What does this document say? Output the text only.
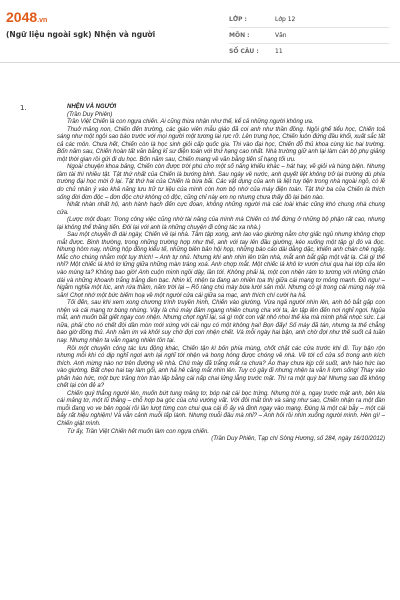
2048.vn
(Ngữ liệu ngoài sgk) Nhện và người
LỚP :	Lớp 12
MÔN :	Văn
SỐ CÂU :	11
1.	NHỆN VÀ NGƯỜI

(Trần Duy Phiên)

Trần Việt Chiến là con ngựa chiến. Ai cũng thừa nhận như thế, kể cả những người không ưa.

Thuở măng non, Chiến đến trường, các giáo viên mẫu giáo đã coi anh như thần đồng. Ngồi ghế tiểu học, Chiến toả sáng như một ngôi sao báo trước với mọi người một tương lai rực rỡ. Lên trung học, Chiến luôn đứng đầu khối, xuất sắc tất cả các môn. Chưa hết, Chiến còn là học sinh giỏi cấp quốc gia. Thi vào đại học, Chiến đỗ thủ khoa cùng lúc hai trường. Bốn năm sau, Chiến hoàn tất văn bằng kĩ sư điện toán với thứ hạng cao nhất. Nhà trường giữ anh lại làm cán bộ phụ giảng một thời gian rồi gửi đi du học. Bốn năm sau, Chiến mang về văn bằng tiến sĩ hạng tối ưu.

Ngoài chuyện khoa bảng, Chiến còn được trời phú cho một số năng khiếu khác – hát hay, vẽ giỏi và hùng biện. Nhưng tầm tài thì nhiều tật. Tật thứ nhất của Chiến là bướng bỉnh. Sau ngày về nước, anh quyết liệt không trở lại trường dù phía trường đại học mời ở lại. Tật thứ hai của Chiến là bừa bãi. Các vật dụng của anh là liệt tuy tiện trong nhà ngoài ngõ, có lẽ do chủ nhân ỷ vào khả năng lưu trữ tư liệu của mình còn hơn bộ nhớ của máy điện toán. Tật thứ ba của Chiến là thích sống đời đơn độc – đơn độc chứ không cô độc, cũng chỉ này em nọ nhưng chưa thấy đồ lại bén nào.

Nhất nhàn nhất hộ, anh hành hạch đến cực đoan, không những người mà các loài khác cũng khó chung nhà chung cửa.

(Lược một đoạn: Trong công việc cũng nhờ tài năng của mình mà Chiến có thể đứng ở những bộ phận rất cao, nhưng lại không thể thăng tiến. Đôi lại với anh là những chuyện đi công tác xa nhà.)

Sau một chuyến đi dài ngày, Chiến về lại nhà. Tâm tập xong, anh lao vào giường nằm chợ giấc ngủ nhưng không chợp mắt được. Bình thường, trong những trường hợp như thế, anh với tay lên đầu giường, kéo xuống một tập gì đó và đọc. Nhưng hôm nay, những hộp đồng kiểu tế, những biên bản hội họp, những báo cáo dài dằng dặc, khiến anh chán chê ngấy. Mắc cho chúng nhằm một tụy thích! – Anh tự nhủ. Nhưng khi anh nhìn lên trần nhà, mắt anh bắt gặp một vật lạ. Cái gì thế nhỉ? Một chiếc lá khô lơ lửng giữa những màn tráng xoá. Anh chợp mắt. Một chiếc lá khô lơ vướn chui qua hai lớp cửa lên vào mùng ta? Không bao giờ! Anh cuộn mình ngồi dậy, lần tới. Không phải lá, một con nhện rám to tương với những chân dài và những khoanh trắng trắng đen bạc. Nhìn kĩ, nhện ta đang an nhiên tọa thị giữa cái mạng tơ mỏng manh. Đồ ngu! – Ngẫm nghĩa một lúc, anh rứa thầm, năm trời lại – Rõ ràng chú mày bừa lười sản mồi. Nhưng có gì trong cái mùng này mà săn! Chợt nhớ một bức biếm hoạ về một người cửa cái giữa sa mạc, anh thích chí cười ha hả.

Tối đến, sau khi xem xong chương trình truyền hình, Chiến vào giường. Vừa ngả người nhìn lên, anh bỏ bắt gặp con nhện và cái mạng tơ bùng nhùng. Vậy là chú mày đám ngang nhiên chung cha với ta, ăn tập lên đến nơi nghĩ ngơi. Ngủa mắt, anh muốn bắt giết ngay con nhện. Nhưng chợt nghĩ lại, sá gì một con vật nhỏ nhoi thế kia mà mình phải nhọc sức. Lại nữa, phải cho nó chết đói dần mòn mới xứng với cái ngu có một không hai! Bọn đấy! Số máy đã tán, nhưng ta thế chẳng bao giờ đồng thủ. Anh nằm im và khởi suy chờ đợi con nhện chết. Và mỗi ngày hai bận, anh chờ đợi như thế suốt cả tuần nay. Nhưng nhện ta vẫn ngang nhiên tồn tại.

Rồi một chuyến công tác lưu động khác, Chiến tận kì bỏn phía mùng, chốt chặt các cửa trước khi đi. Tuy bận rộn nhưng mỗi khi có dịp nghĩ ngơi anh lại nghĩ tới nhện và hong hóng được chóng về nhà. Về tới cổ cửa sổ trong anh kích thích. Anh mừng nào nơ trên đường về nhà. Chú mày đã trắng mắt ra chưa? Áo thay chưa kịp cởi suốt, anh háo hức lao vào giường. Bất chẹo hai tay làm gối, anh hả hê căng mắt nhìn lên. Tuy có gây đi nhưng nhện ta vẫn lì lợm sống! Thay vào phấn háo hức, một bực trăng tròn tràn lấp bằng cái nấp chai lửng lẳng trước mặt. Thì ra một quý bà! Nhưng sao đã không chết lại còn đẻ a?

Chiến quý thẳng người lên, muốn bứt tung mảng tơ, bóp nát cái bọc trứng. Nhưng trời ạ, ngay trước mặt anh, bên kia cái mảng tơ, một lũ thằng – chỗ hợp ba góc của chú vướng vất. Với đôi mắt tinh và sáng như sao, Chiến nhận ra một đàn muỗi đang vo ve bên ngoài rồi lần lượt từng con chui qua cái lỗ ấy và đinh ngay vào mạng. Đúng là một cái bẫy – một cái bẫy rất hiệu nghiệm! Và vẫn cảnh muỗi lấp lánh. Nhưng muỗi đâu mà nhỉ? – Anh hỏi rồi nhìn xuống người mình. Hèn gì! – Chiến giật mình.

Từ ấy, Trần Việt Chiến hết muốn làm con ngựa chiến.

(Trần Duy Phiên, Tạp chí Sông Hương, số 284, ngày 16/10/2012)
